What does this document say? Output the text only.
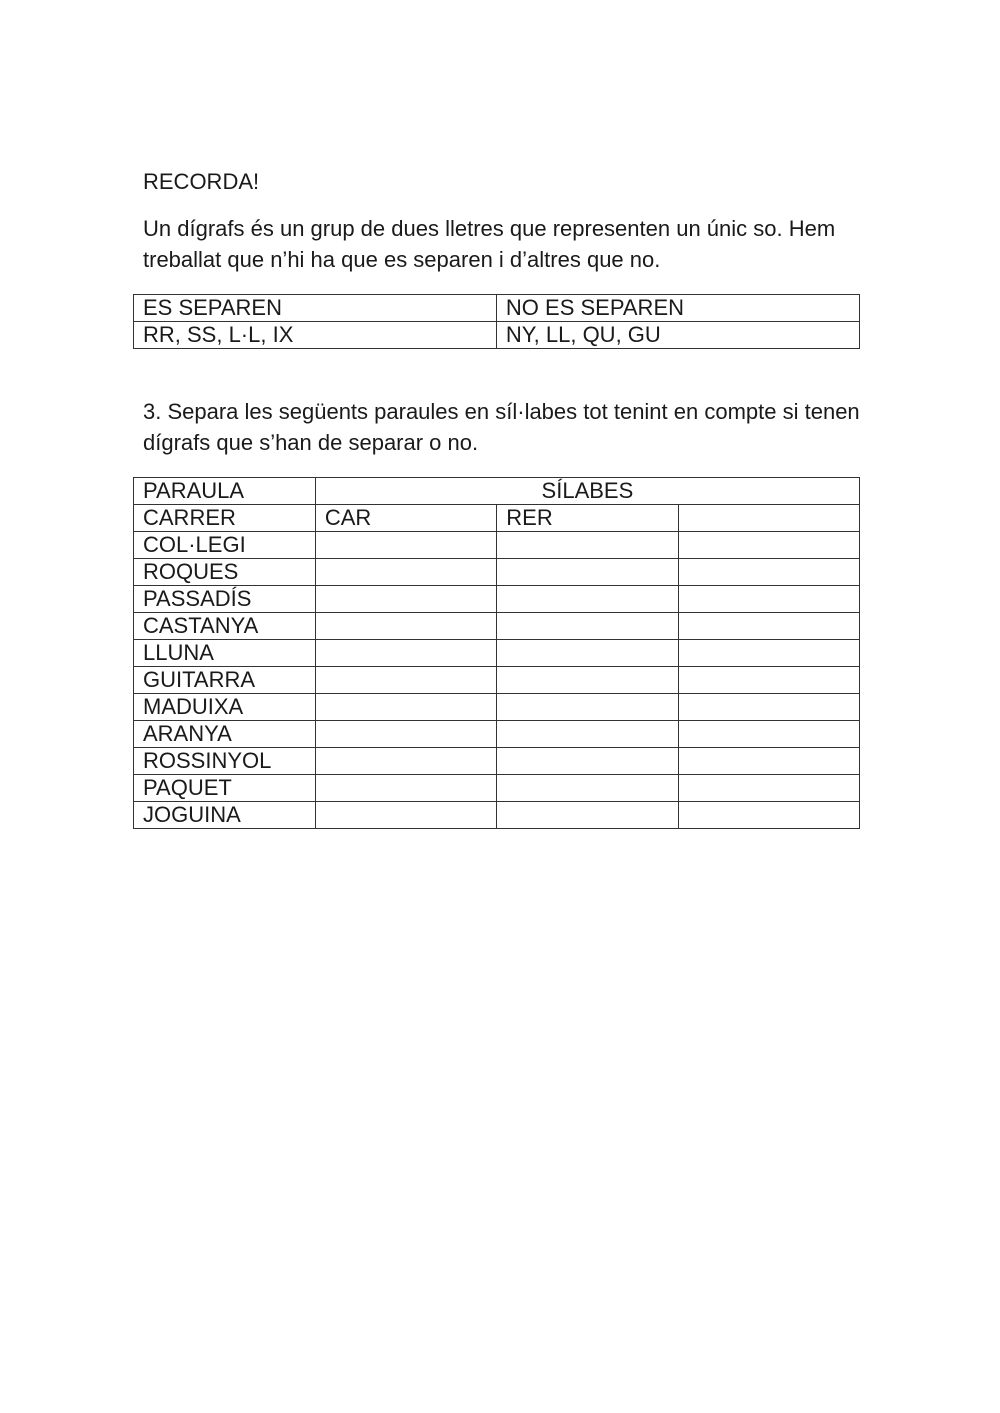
RECORDA!

Un dígrafs és un grup de dues lletres que representen un únic so. Hem treballat que n’hi ha que es separen i d’altres que no.

ES SEPAREN	NO ES SEPAREN
RR, SS, L·L, IX	NY, LL, QU, GU

3. Separa les següents paraules en síl·labes tot tenint en compte si tenen dígrafs que s’han de separar o no.

PARAULA	SÍLABES		
CARRER	CAR	RER	
COL·LEGI			
ROQUES			
PASSADÍS			
CASTANYA			
LLUNA			
GUITARRA			
MADUIXA			
ARANYA			
ROSSINYOL			
PAQUET			
JOGUINA			
